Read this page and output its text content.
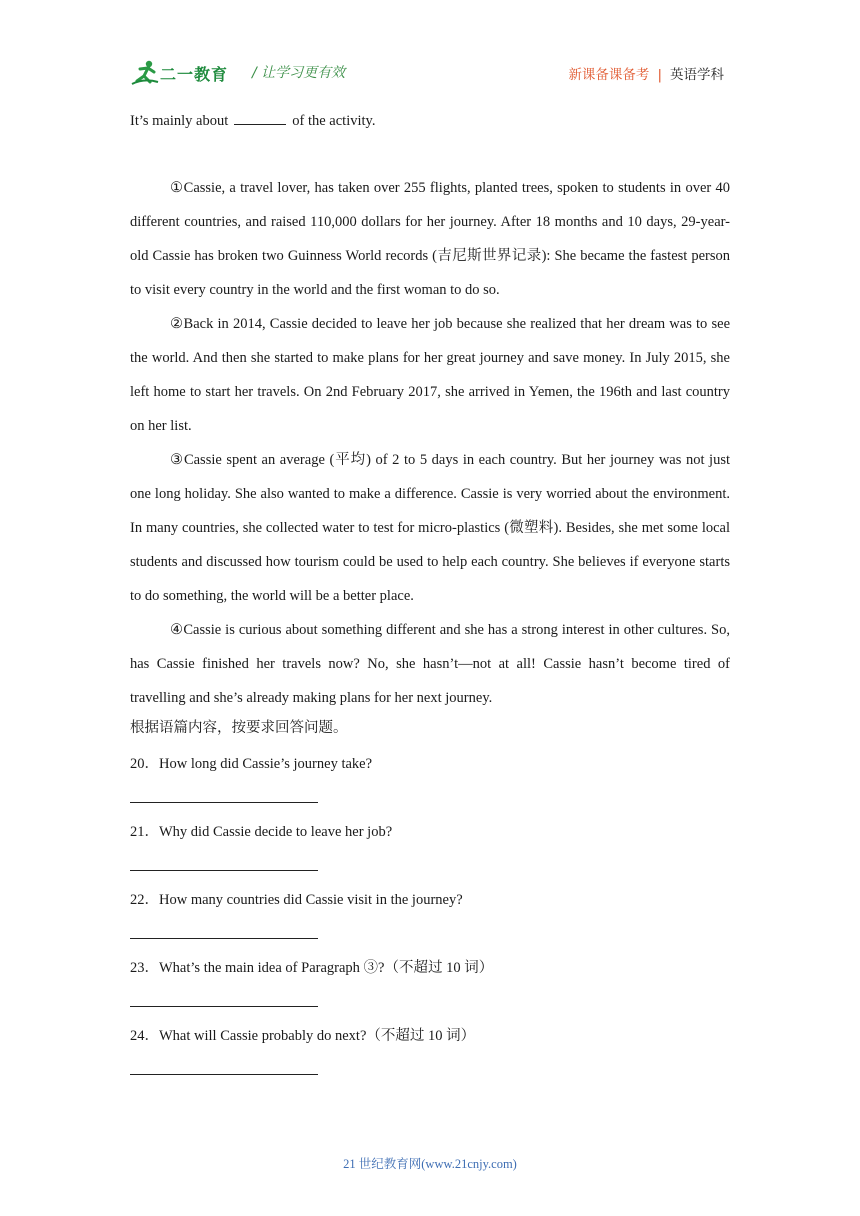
二一教育 / 让学习更有效	新课备课备考 | 英语学科
It’s mainly about	of the activity.

①Cassie, a travel lover, has taken over 255 flights, planted trees, spoken to students in over 40 different countries, and raised 110,000 dollars for her journey. After 18 months and 10 days, 29-year-old Cassie has broken two Guinness World records (吉尼斯世界记录): She became the fastest person to visit every country in the world and the first woman to do so.

②Back in 2014, Cassie decided to leave her job because she realized that her dream was to see the world. And then she started to make plans for her great journey and save money. In July 2015, she left home to start her travels. On 2nd February 2017, she arrived in Yemen, the 196th and last country on her list.

③Cassie spent an average (平均) of 2 to 5 days in each country. But her journey was not just one long holiday. She also wanted to make a difference. Cassie is very worried about the environment. In many countries, she collected water to test for micro-plastics (微塑料). Besides, she met some local students and discussed how tourism could be used to help each country. She believes if everyone starts to do something, the world will be a better place.

④Cassie is curious about something different and she has a strong interest in other cultures. So, has Cassie finished her travels now? No, she hasn’t—not at all! Cassie hasn’t become tired of travelling and she’s already making plans for her next journey.

根据语篇内容，按要求回答问题。
20．How long did Cassie’s journey take?
21．Why did Cassie decide to leave her job?
22．How many countries did Cassie visit in the journey?
23．What’s the main idea of Paragraph ③?（不超过 10 词）
24．What will Cassie probably do next?（不超过 10 词）
21 世纪教育网(www.21cnjy.com)
